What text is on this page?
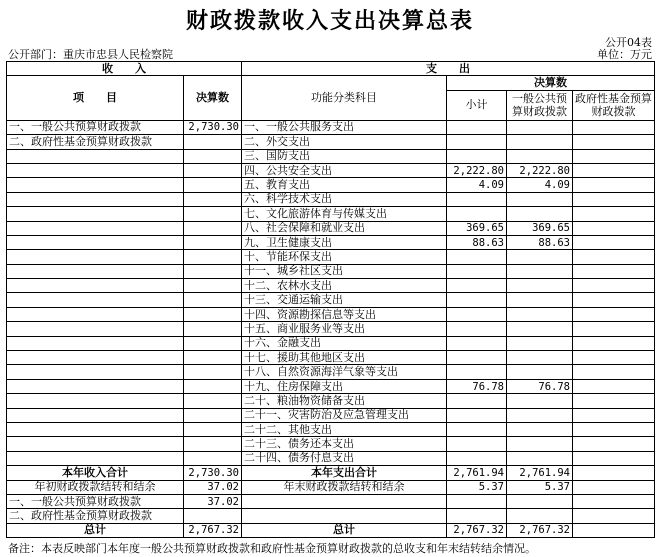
财政拨款收入支出决算总表
公开04表
公开部门：重庆市忠县人民检察院	单位：万元
收　　入		支　　出			
项　　目	决算数	功能分类科目	决算数		
			小计	一般公共预算财政拨款	政府性基金预算财政拨款
一、一般公共预算财政拨款	2,730.30	一、一般公共服务支出			
二、政府性基金预算财政拨款		二、外交支出			
		三、国防支出			
		四、公共安全支出	2,222.80	2,222.80	
		五、教育支出	4.09	4.09	
		六、科学技术支出			
		七、文化旅游体育与传媒支出			
		八、社会保障和就业支出	369.65	369.65	
		九、卫生健康支出	88.63	88.63	
		十、节能环保支出			
		十一、城乡社区支出			
		十二、农林水支出			
		十三、交通运输支出			
		十四、资源勘探信息等支出			
		十五、商业服务业等支出			
		十六、金融支出			
		十七、援助其他地区支出			
		十八、自然资源海洋气象等支出			
		十九、住房保障支出	76.78	76.78	
		二十、粮油物资储备支出			
		二十一、灾害防治及应急管理支出			
		二十二、其他支出			
		二十三、债务还本支出			
		二十四、债务付息支出			
本年收入合计	2,730.30	本年支出合计	2,761.94	2,761.94	
年初财政拨款结转和结余	37.02	年末财政拨款结转和结余	5.37	5.37	
一、一般公共预算财政拨款	37.02				
二、政府性基金预算财政拨款					
总计	2,767.32	总计	2,767.32	2,767.32	
备注：本表反映部门本年度一般公共预算财政拨款和政府性基金预算财政拨款的总收支和年末结转结余情况。
